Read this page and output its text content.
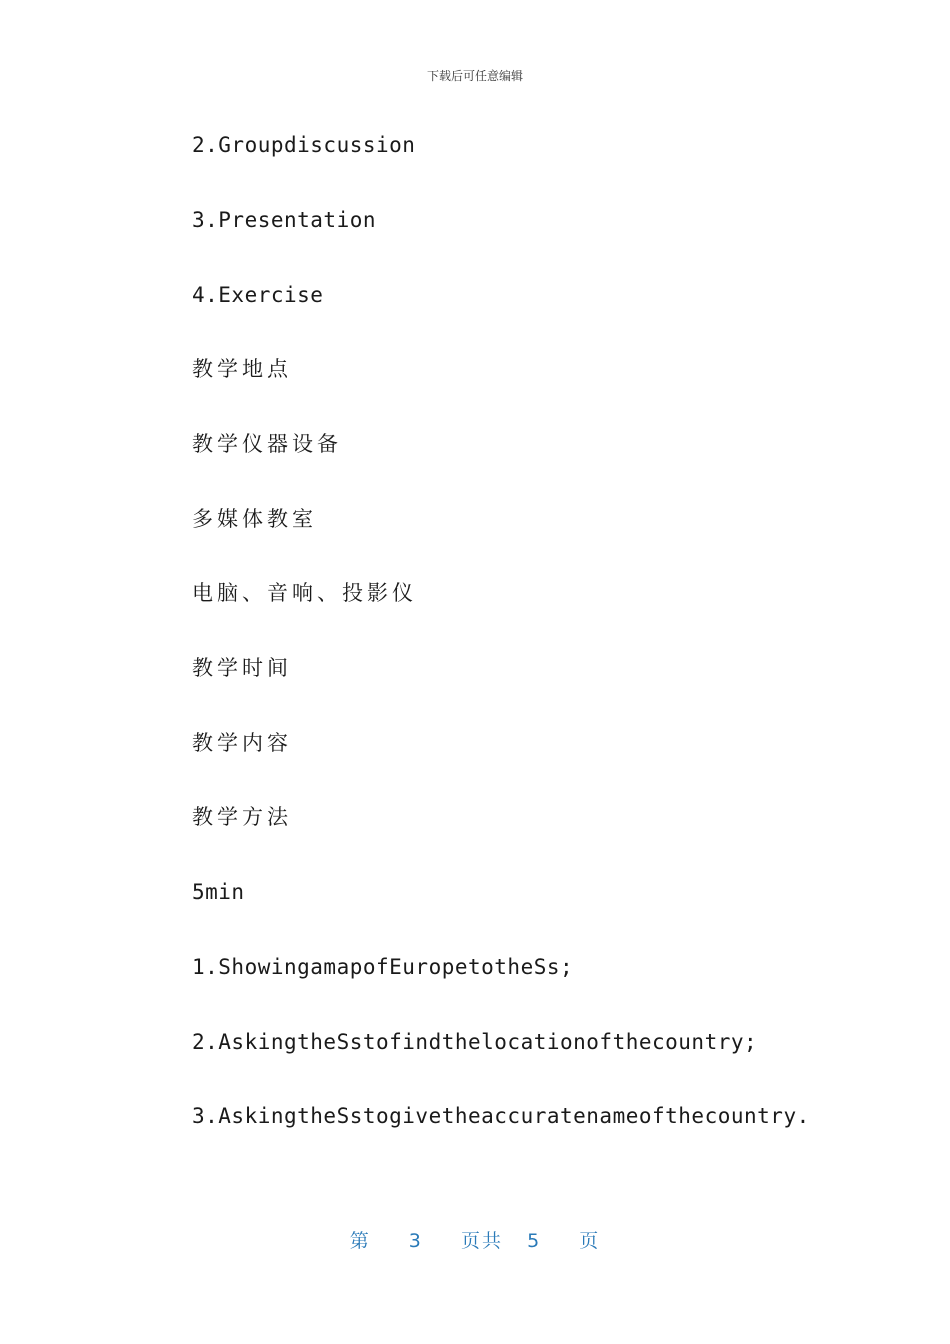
下载后可任意编辑
2.Groupdiscussion
3.Presentation
4.Exercise
教学地点
教学仪器设备
多媒体教室
电脑、音响、投影仪
教学时间
教学内容
教学方法
5min
1.ShowingamapofEuropetotheSs;
2.AskingtheSstofindthelocationofthecountry;
3.AskingtheSstogivetheaccuratenameofthecountry.
第 3 页共 5 页
